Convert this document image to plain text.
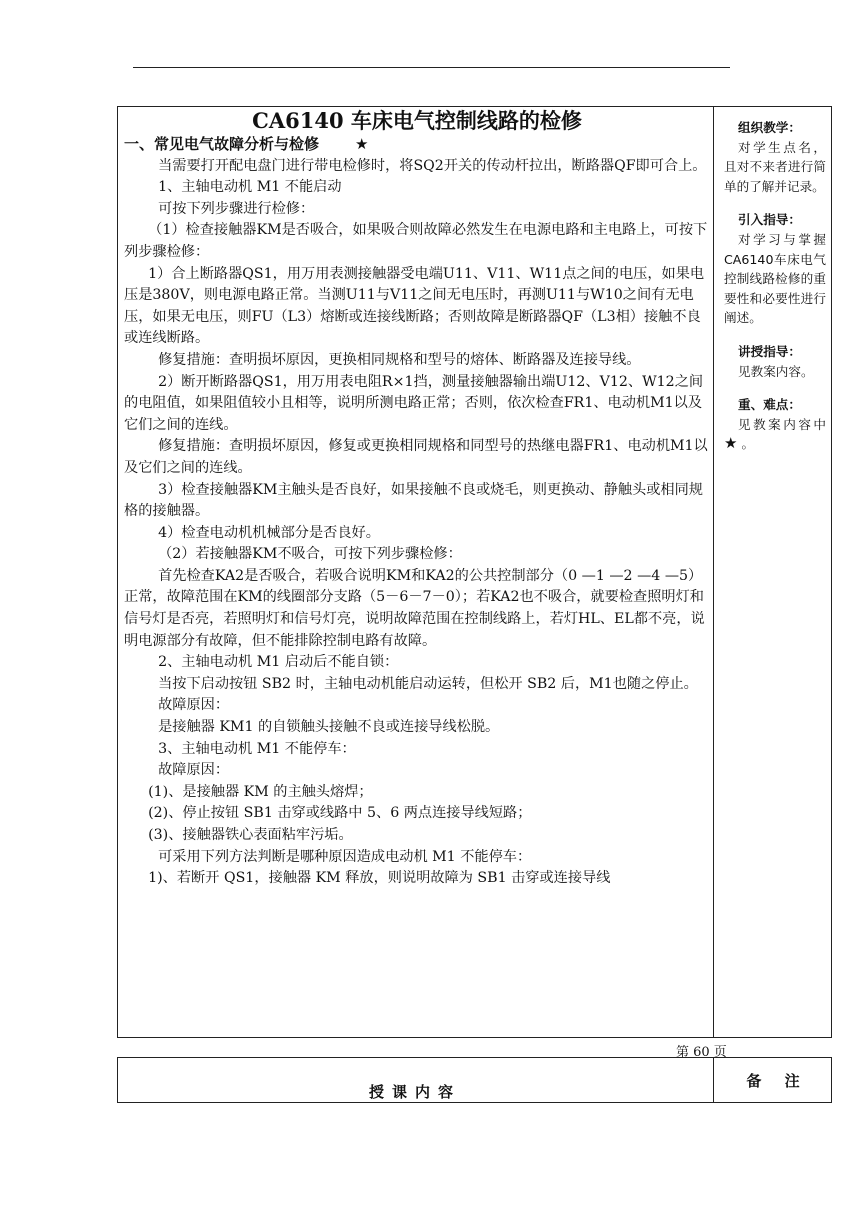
CA6140 车床电气控制线路的检修

一、常见电气故障分析与检修 ★

当需要打开配电盘门进行带电检修时，将SQ2开关的传动杆拉出，断路器QF即可合上。

1、主轴电动机 M1 不能启动

可按下列步骤进行检修：

（1）检查接触器KM是否吸合，如果吸合则故障必然发生在电源电路和主电路上，可按下列步骤检修：

1）合上断路器QS1，用万用表测接触器受电端U11、V11、W11点之间的电压，如果电压是380V，则电源电路正常。当测U11与V11之间无电压时，再测U11与W10之间有无电压，如果无电压，则FU（L3）熔断或连接线断路；否则故障是断路器QF（L3相）接触不良或连线断路。

修复措施：查明损坏原因，更换相同规格和型号的熔体、断路器及连接导线。

2）断开断路器QS1，用万用表电阻R×1挡，测量接触器输出端U12、V12、W12之间的电阻值，如果阻值较小且相等，说明所测电路正常；否则，依次检查FR1、电动机M1以及它们之间的连线。

修复措施：查明损坏原因，修复或更换相同规格和同型号的热继电器FR1、电动机M1以及它们之间的连线。

3）检查接触器KM主触头是否良好，如果接触不良或烧毛，则更换动、静触头或相同规格的接触器。

4）检查电动机机械部分是否良好。

（2）若接触器KM不吸合，可按下列步骤检修：

首先检查KA2是否吸合，若吸合说明KM和KA2的公共控制部分（0 —1 —2 —4 —5）正常，故障范围在KM的线圈部分支路（5－6－7－0）；若KA2也不吸合，就要检查照明灯和信号灯是否亮，若照明灯和信号灯亮，说明故障范围在控制线路上，若灯HL、EL都不亮，说明电源部分有故障，但不能排除控制电路有故障。

2、主轴电动机 M1 启动后不能自锁：

当按下启动按钮 SB2 时，主轴电动机能启动运转，但松开 SB2 后，M1也随之停止。

故障原因：

是接触器 KM1 的自锁触头接触不良或连接导线松脱。

3、主轴电动机 M1 不能停车：

故障原因：

(1)、是接触器 KM 的主触头熔焊；

(2)、停止按钮 SB1 击穿或线路中 5、6 两点连接导线短路；

(3)、接触器铁心表面粘牢污垢。

可采用下列方法判断是哪种原因造成电动机 M1 不能停车：

1)、若断开 QS1，接触器 KM 释放，则说明故障为 SB1 击穿或连接导线

组织教学：
对学生点名，且对不来者进行简单的了解并记录。
引入指导：
对学习与掌握CA6140车床电气控制线路检修的重要性和必要性进行阐述。
讲授指导：
见教案内容。
重、难点：
见教案内容中 ★ 。
第 60 页
授课内容
备 注
